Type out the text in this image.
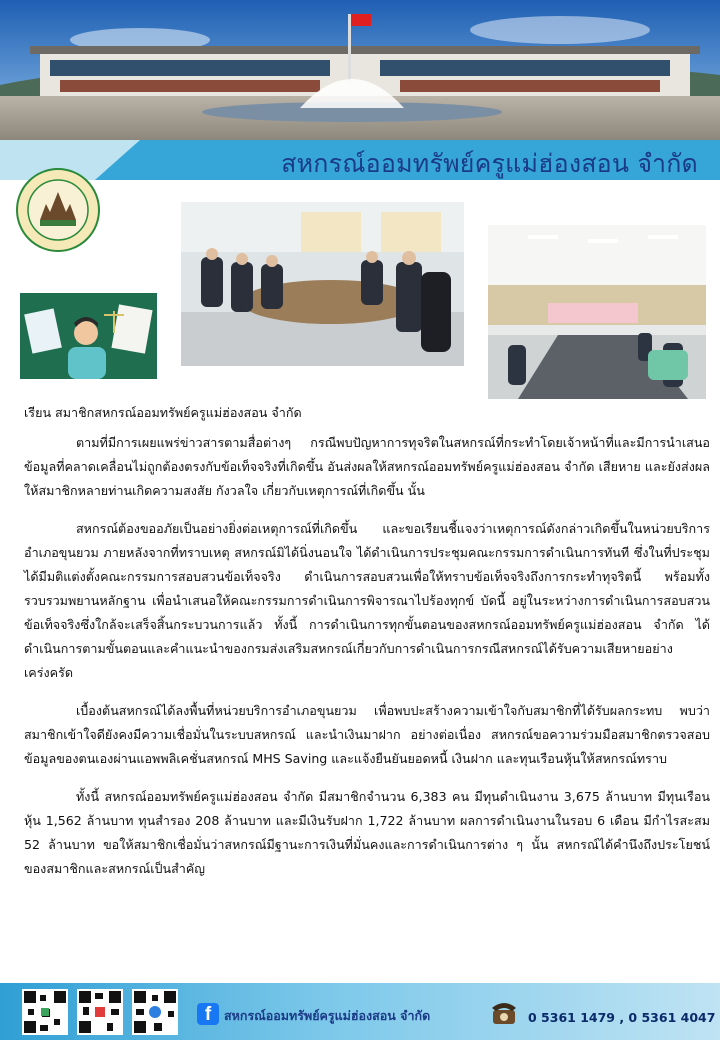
สหกรณ์ออมทรัพย์ครูแม่ฮ่องสอน จำกัด

เรียน สมาชิกสหกรณ์ออมทรัพย์ครูแม่ฮ่องสอน จำกัด

ตามที่มีการเผยแพร่ข่าวสารตามสื่อต่างๆ กรณีพบปัญหาการทุจริตในสหกรณ์ที่กระทำโดยเจ้าหน้าที่และมีการนำเสนอข้อมูลที่คลาดเคลื่อนไม่ถูกต้องตรงกับข้อเท็จจริงที่เกิดขึ้น อันส่งผลให้สหกรณ์ออมทรัพย์ครูแม่ฮ่องสอน จำกัด เสียหาย และยังส่งผลให้สมาชิกหลายท่านเกิดความสงสัย กังวลใจ เกี่ยวกับเหตุการณ์ที่เกิดขึ้น นั้น

สหกรณ์ต้องขออภัยเป็นอย่างยิ่งต่อเหตุการณ์ที่เกิดขึ้น และขอเรียนชี้แจงว่าเหตุการณ์ดังกล่าวเกิดขึ้นในหน่วยบริการอำเภอขุนยวม ภายหลังจากที่ทราบเหตุ สหกรณ์มิได้นิ่งนอนใจ ได้ดำเนินการประชุมคณะกรรมการดำเนินการทันที ซึ่งในที่ประชุมได้มีมติแต่งตั้งคณะกรรมการสอบสวนข้อเท็จจริง ดำเนินการสอบสวนเพื่อให้ทราบข้อเท็จจริงถึงการกระทำทุจริตนี้ พร้อมทั้งรวบรวมพยานหลักฐาน เพื่อนำเสนอให้คณะกรรมการดำเนินการพิจารณาไปร้องทุกข์ บัดนี้ อยู่ในระหว่างการดำเนินการสอบสวนข้อเท็จจริงซึ่งใกล้จะเสร็จสิ้นกระบวนการแล้ว ทั้งนี้ การดำเนินการทุกขั้นตอนของสหกรณ์ออมทรัพย์ครูแม่ฮ่องสอน จำกัด ได้ดำเนินการตามขั้นตอนและคำแนะนำของกรมส่งเสริมสหกรณ์เกี่ยวกับการดำเนินการกรณีสหกรณ์ได้รับความเสียหายอย่างเคร่งครัด

เบื้องต้นสหกรณ์ได้ลงพื้นที่หน่วยบริการอำเภอขุนยวม เพื่อพบปะสร้างความเข้าใจกับสมาชิกที่ได้รับผลกระทบ พบว่าสมาชิกเข้าใจดียังคงมีความเชื่อมั่นในระบบสหกรณ์ และนำเงินมาฝาก อย่างต่อเนื่อง สหกรณ์ขอความร่วมมือสมาชิกตรวจสอบข้อมูลของตนเองผ่านแอพพลิเคชั่นสหกรณ์ MHS Saving และแจ้งยืนยันยอดหนี้ เงินฝาก และทุนเรือนหุ้นให้สหกรณ์ทราบ

ทั้งนี้ สหกรณ์ออมทรัพย์ครูแม่ฮ่องสอน จำกัด มีสมาชิกจำนวน 6,383 คน มีทุนดำเนินงาน 3,675 ล้านบาท มีทุนเรือนหุ้น 1,562 ล้านบาท ทุนสำรอง 208 ล้านบาท และมีเงินรับฝาก 1,722 ล้านบาท ผลการดำเนินงานในรอบ 6 เดือน มีกำไรสะสม 52 ล้านบาท ขอให้สมาชิกเชื่อมั่นว่าสหกรณ์มีฐานะการเงินที่มั่นคงและการดำเนินการต่าง ๆ นั้น สหกรณ์ได้คำนึงถึงประโยชน์ของสมาชิกและสหกรณ์เป็นสำคัญ

f	สหกรณ์ออมทรัพย์ครูแม่ฮ่องสอน จำกัด	0 5361 1479 , 0 5361 4047
